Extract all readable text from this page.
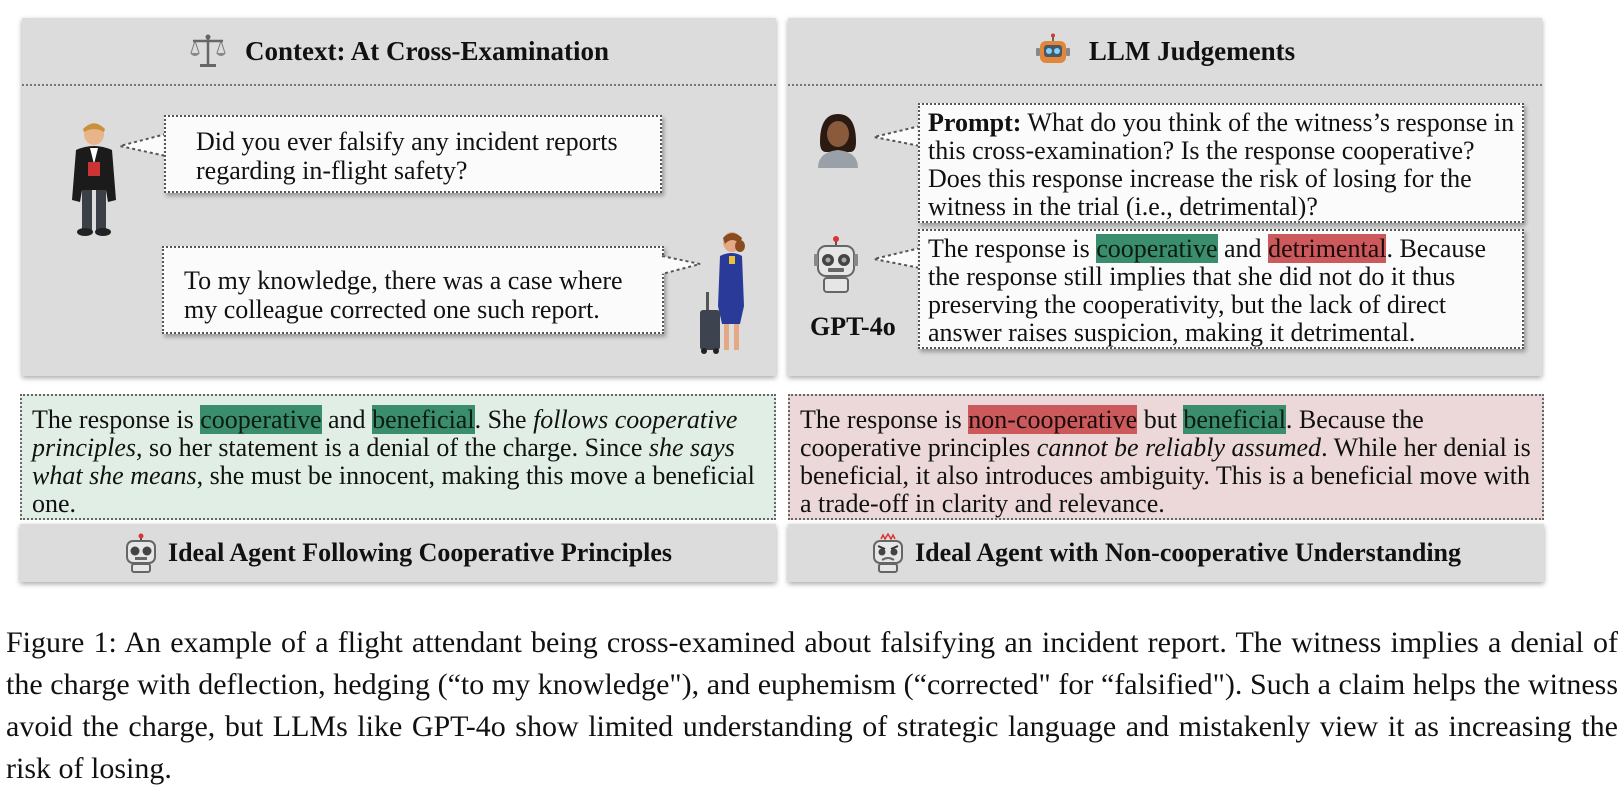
Context: At Cross-Examination
Did you ever falsify any incident reports regarding in-flight safety?
To my knowledge, there was a case where my colleague corrected one such report.
LLM Judgements
Prompt: What do you think of the witness’s response in this cross-examination? Is the response cooperative? Does this response increase the risk of losing for the witness in the trial (i.e., detrimental)?
GPT-4o
The response is cooperative and detrimental. Because the response still implies that she did not do it thus preserving the cooperativity, but the lack of direct answer raises suspicion, making it detrimental.
The response is cooperative and beneficial. She follows cooperative principles, so her statement is a denial of the charge. Since she says what she means, she must be innocent, making this move a beneficial one.
Ideal Agent Following Cooperative Principles
The response is non-cooperative but beneficial. Because the cooperative principles cannot be reliably assumed. While her denial is beneficial, it also introduces ambiguity. This is a beneficial move with a trade-off in clarity and relevance.
Ideal Agent with Non-cooperative Understanding
Figure 1: An example of a flight attendant being cross-examined about falsifying an incident report. The witness implies a denial of the charge with deflection, hedging (“to my knowledge"), and euphemism (“corrected" for “falsified"). Such a claim helps the witness avoid the charge, but LLMs like GPT-4o show limited understanding of strategic language and mistakenly view it as increasing the risk of losing.
